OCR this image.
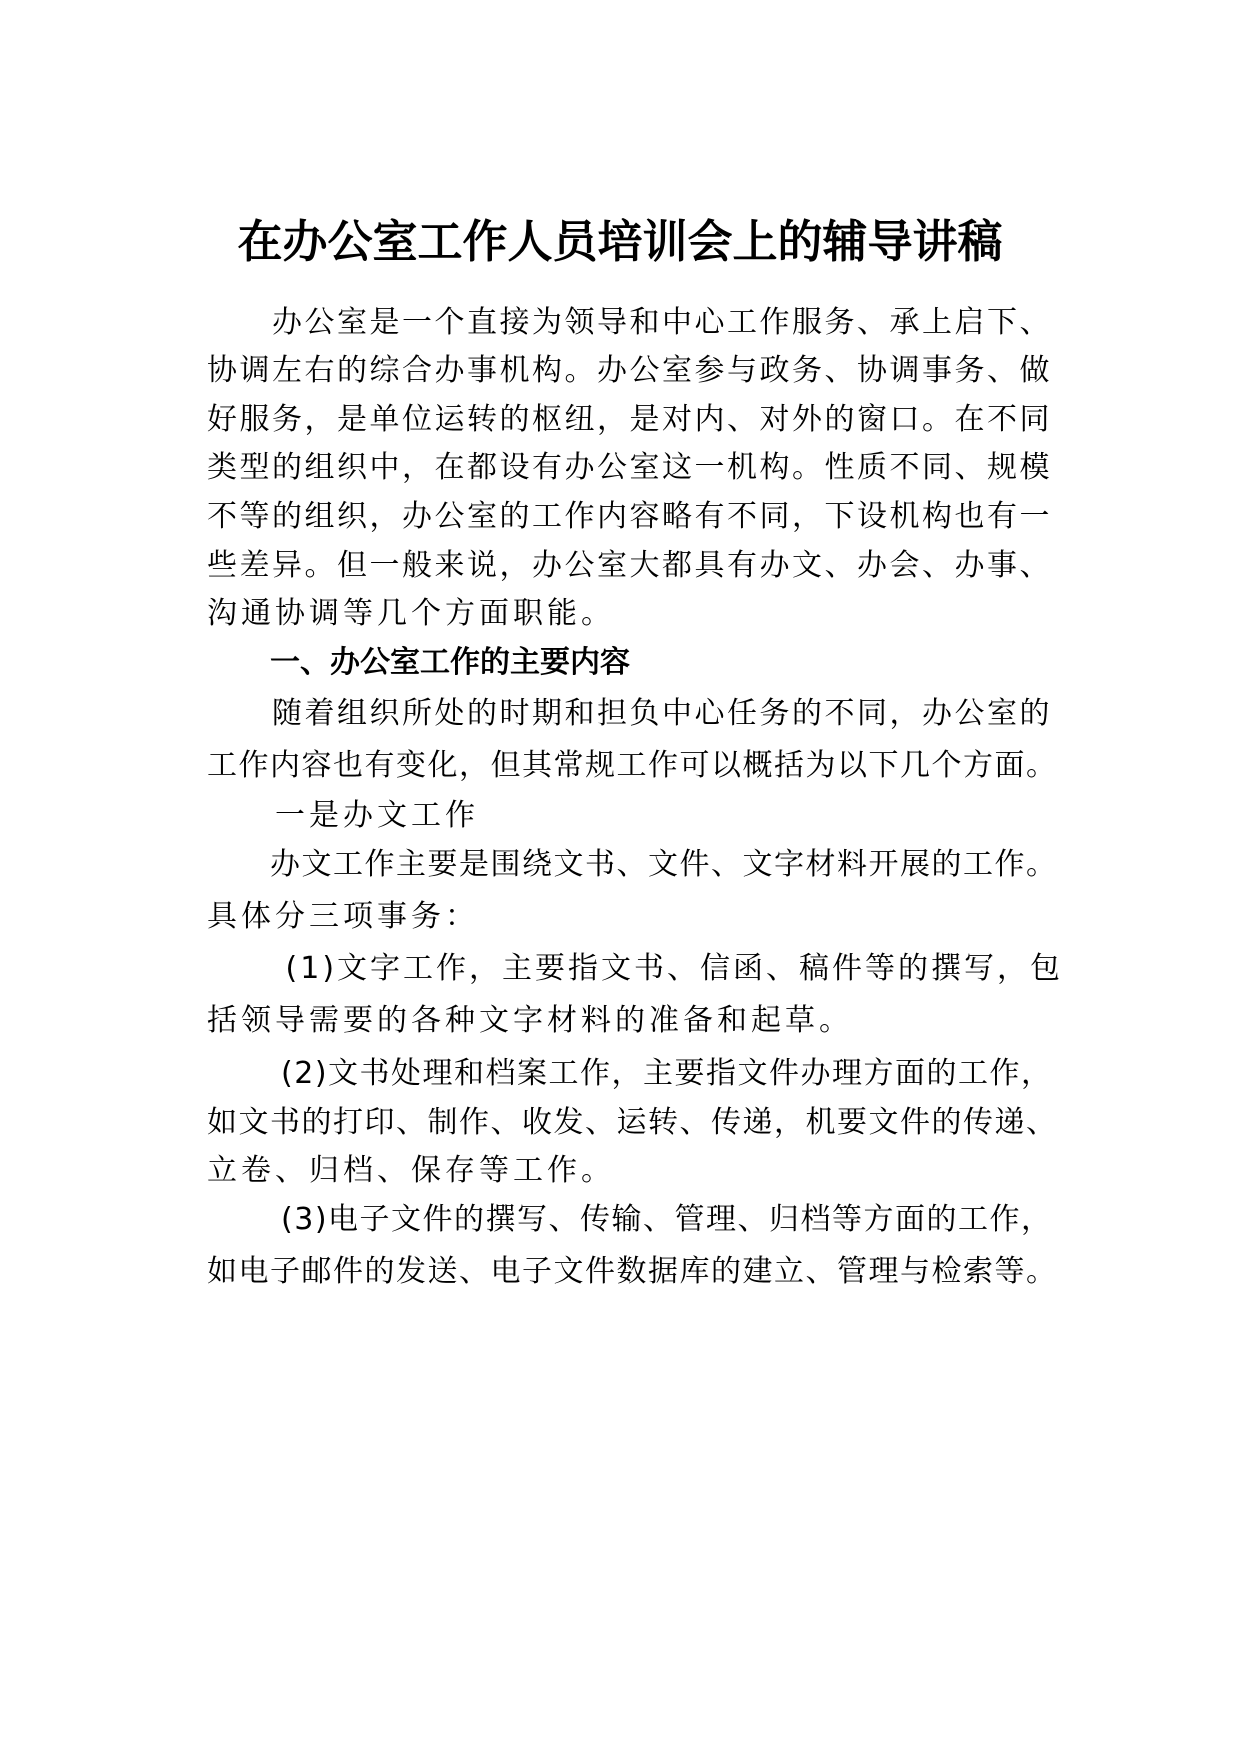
在办公室工作人员培训会上的辅导讲稿

　　办公室是一个直接为领导和中心工作服务、承上启下、

协调左右的综合办事机构。办公室参与政务、协调事务、做

好服务，是单位运转的枢纽，是对内、对外的窗口。在不同

类型的组织中，在都设有办公室这一机构。性质不同、规模

不等的组织，办公室的工作内容略有不同，下设机构也有一

些差异。但一般来说，办公室大都具有办文、办会、办事、

沟通协调等几个方面职能。

一、办公室工作的主要内容

　　随着组织所处的时期和担负中心任务的不同，办公室的

工作内容也有变化，但其常规工作可以概括为以下几个方面。

　　一是办文工作

　　办文工作主要是围绕文书、文件、文字材料开展的工作。

具体分三项事务：

　　 (1)文字工作，主要指文书、信函、稿件等的撰写，包

括领导需要的各种文字材料的准备和起草。

　　 (2)文书处理和档案工作，主要指文件办理方面的工作，

如文书的打印、制作、收发、运转、传递，机要文件的传递、

立卷、归档、保存等工作。

　　 (3)电子文件的撰写、传输、管理、归档等方面的工作，

如电子邮件的发送、电子文件数据库的建立、管理与检索等。
